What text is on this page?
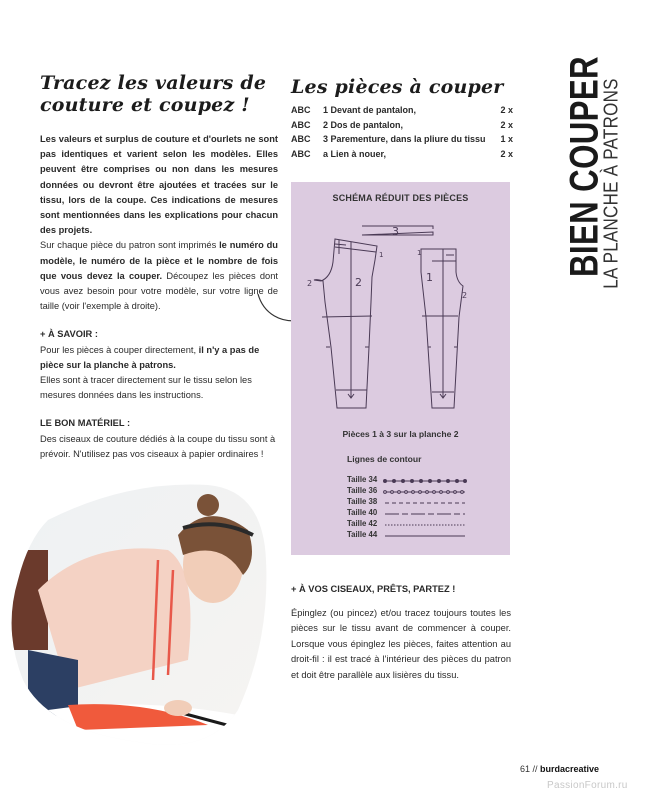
Tracez les valeurs de
couture et coupez !

Les valeurs et surplus de couture et d'ourlets ne sont pas identiques et varient selon les modèles. Elles peuvent être comprises ou non dans les mesures données ou devront être ajoutées et tracées sur le tissu, lors de la coupe. Ces indications de mesures sont mentionnées dans les explications pour chacun des projets.

Sur chaque pièce du patron sont imprimés le numéro du modèle, le numéro de la pièce et le nombre de fois que vous devez la couper. Découpez les pièces dont vous avez besoin pour votre modèle, sur votre ligne de taille (voir l'exemple à droite).

+ À SAVOIR :

Pour les pièces à couper directement, il n'y a pas de pièce sur la planche à patrons.

Elles sont à tracer directement sur le tissu selon les mesures données dans les instructions.

LE BON MATÉRIEL :

Des ciseaux de couture dédiés à la coupe du tissu sont à prévoir. N'utilisez pas vos ciseaux à papier ordinaires !

Les pièces à couper
ABC	1 Devant de pantalon,	2 x
ABC	2 Dos de pantalon,	2 x
ABC	3 Parementure, dans la pliure du tissu	1 x
ABC	a Lien à nouer,	2 x BIEN COUPER
LA PLANCHE À PATRONS
SCHÉMA RÉDUIT DES PIÈCES
3
2	1
1	1
2
2
Pièces 1 à 3 sur la planche 2
Lignes de contour
Taille 34
Taille 36
Taille 38
Taille 40
Taille 42
Taille 44

+ À VOS CISEAUX, PRÊTS, PARTEZ !

Épinglez (ou pincez) et/ou tracez toujours toutes les pièces sur le tissu avant de commencer à couper. Lorsque vous épinglez les pièces, faites attention au droit-fil : il est tracé à l'intérieur des pièces du patron et doit être parallèle aux lisières du tissu.

61 // burdacreative
PassionForum.ru
